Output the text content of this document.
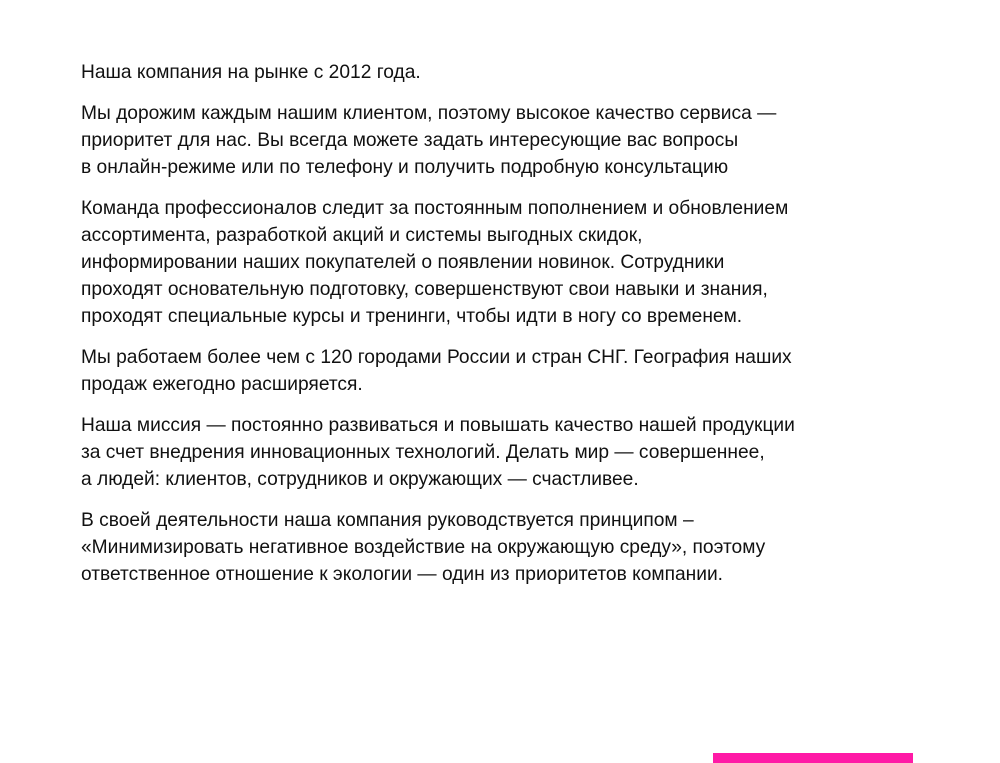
Наша компания на рынке с 2012 года.

Мы дорожим каждым нашим клиентом, поэтому высокое качество сервиса —
приоритет для нас. Вы всегда можете задать интересующие вас вопросы
в онлайн-режиме или по телефону и получить подробную консультацию

Команда профессионалов следит за постоянным пополнением и обновлением
ассортимента, разработкой акций и системы выгодных скидок,
информировании наших покупателей о появлении новинок. Сотрудники
проходят основательную подготовку, совершенствуют свои навыки и знания,
проходят специальные курсы и тренинги, чтобы идти в ногу со временем.

Мы работаем более чем с 120 городами России и стран СНГ. География наших
продаж ежегодно расширяется.

Наша миссия — постоянно развиваться и повышать качество нашей продукции
за счет внедрения инновационных технологий. Делать мир — совершеннее,
а людей: клиентов, сотрудников и окружающих — счастливее.

В своей деятельности наша компания руководствуется принципом –
«Минимизировать негативное воздействие на окружающую среду», поэтому
ответственное отношение к экологии — один из приоритетов компании.
